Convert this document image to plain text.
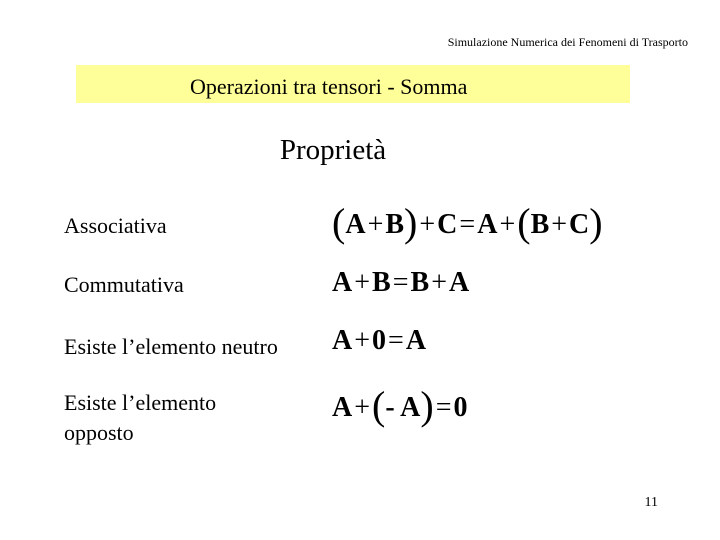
Simulazione Numerica dei Fenomeni di Trasporto
Operazioni tra tensori - Somma
Proprietà
Associativa	(A+B)+C=A+(B+C)
Commutativa	A+B=B+A
Esiste l’elemento neutro A+0=A
Esiste l’elemento
opposto
A+(- A)=0
11
